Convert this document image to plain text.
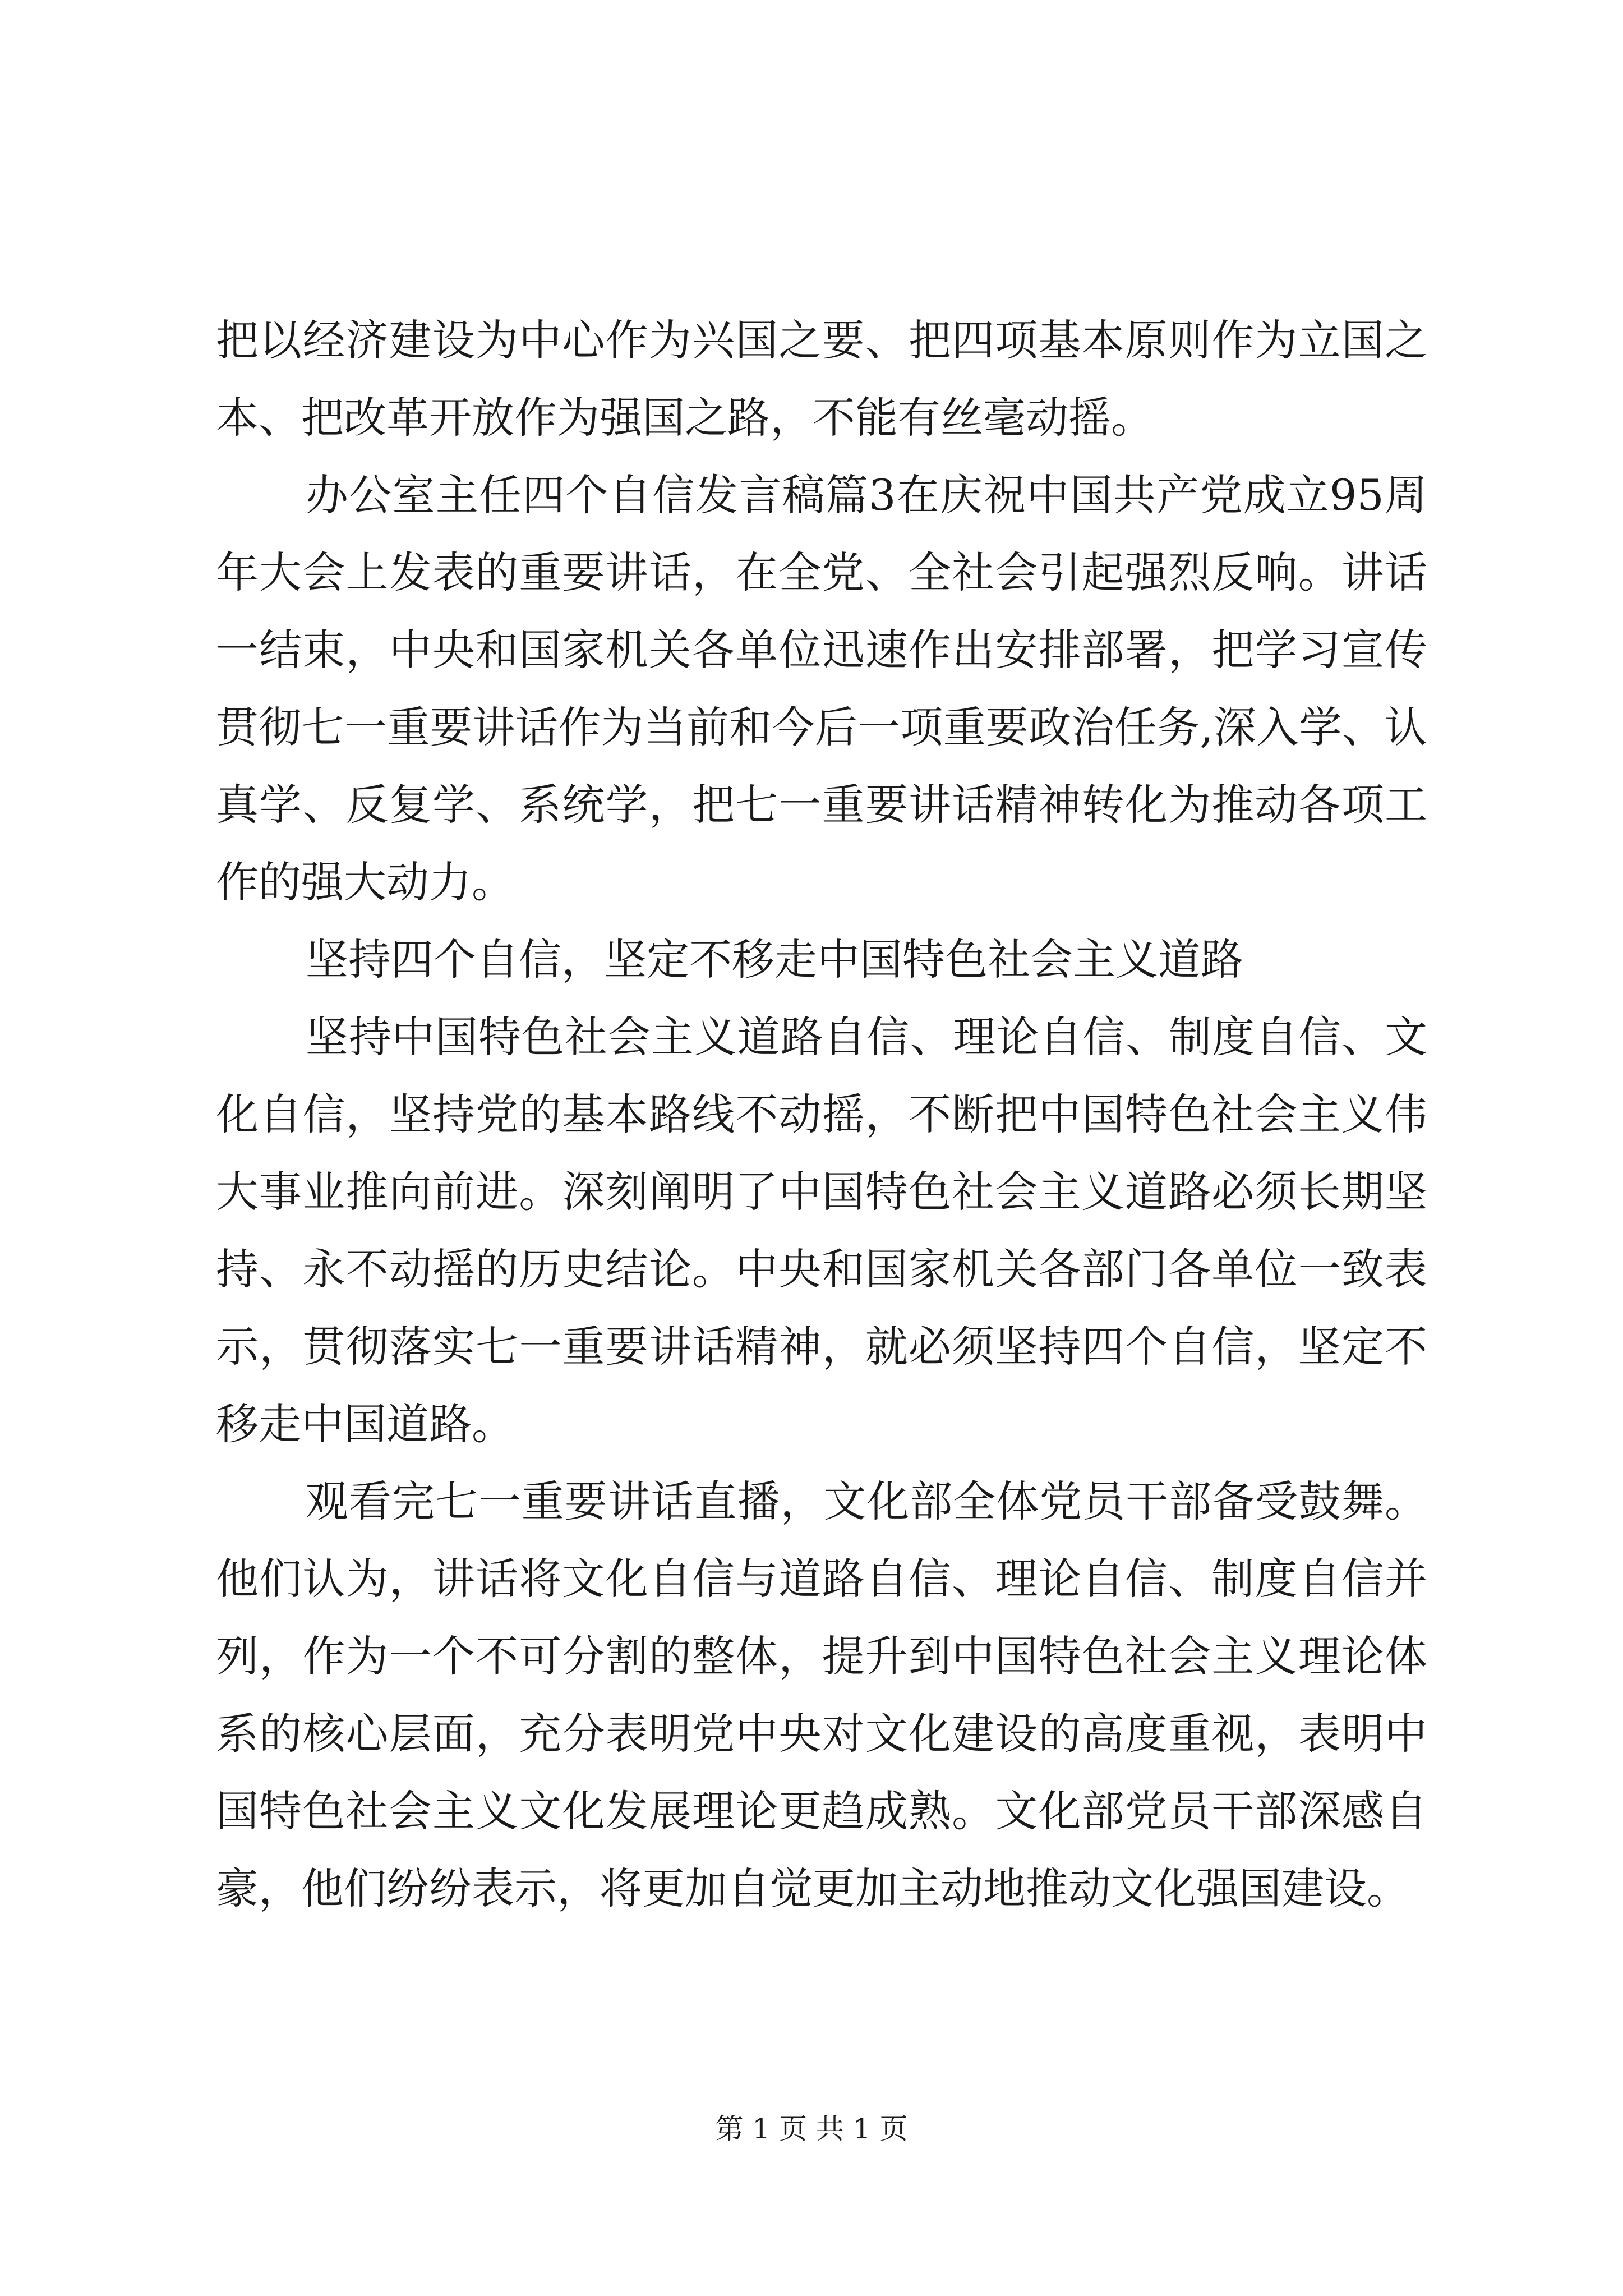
把以经济建设为中心作为兴国之要、把四项基本原则作为立国之本、把改革开放作为强国之路，不能有丝毫动摇。

办公室主任四个自信发言稿篇3在庆祝中国共产党成立95周年大会上发表的重要讲话，在全党、全社会引起强烈反响。讲话一结束，中央和国家机关各单位迅速作出安排部署，把学习宣传贯彻七一重要讲话作为当前和今后一项重要政治任务,深入学、认真学、反复学、系统学，把七一重要讲话精神转化为推动各项工作的强大动力。

坚持四个自信，坚定不移走中国特色社会主义道路

坚持中国特色社会主义道路自信、理论自信、制度自信、文化自信，坚持党的基本路线不动摇，不断把中国特色社会主义伟大事业推向前进。深刻阐明了中国特色社会主义道路必须长期坚持、永不动摇的历史结论。中央和国家机关各部门各单位一致表示，贯彻落实七一重要讲话精神，就必须坚持四个自信，坚定不移走中国道路。

观看完七一重要讲话直播，文化部全体党员干部备受鼓舞。他们认为，讲话将文化自信与道路自信、理论自信、制度自信并列，作为一个不可分割的整体，提升到中国特色社会主义理论体系的核心层面，充分表明党中央对文化建设的高度重视，表明中国特色社会主义文化发展理论更趋成熟。文化部党员干部深感自豪，他们纷纷表示，将更加自觉更加主动地推动文化强国建设。

第 1 页 共 1 页
